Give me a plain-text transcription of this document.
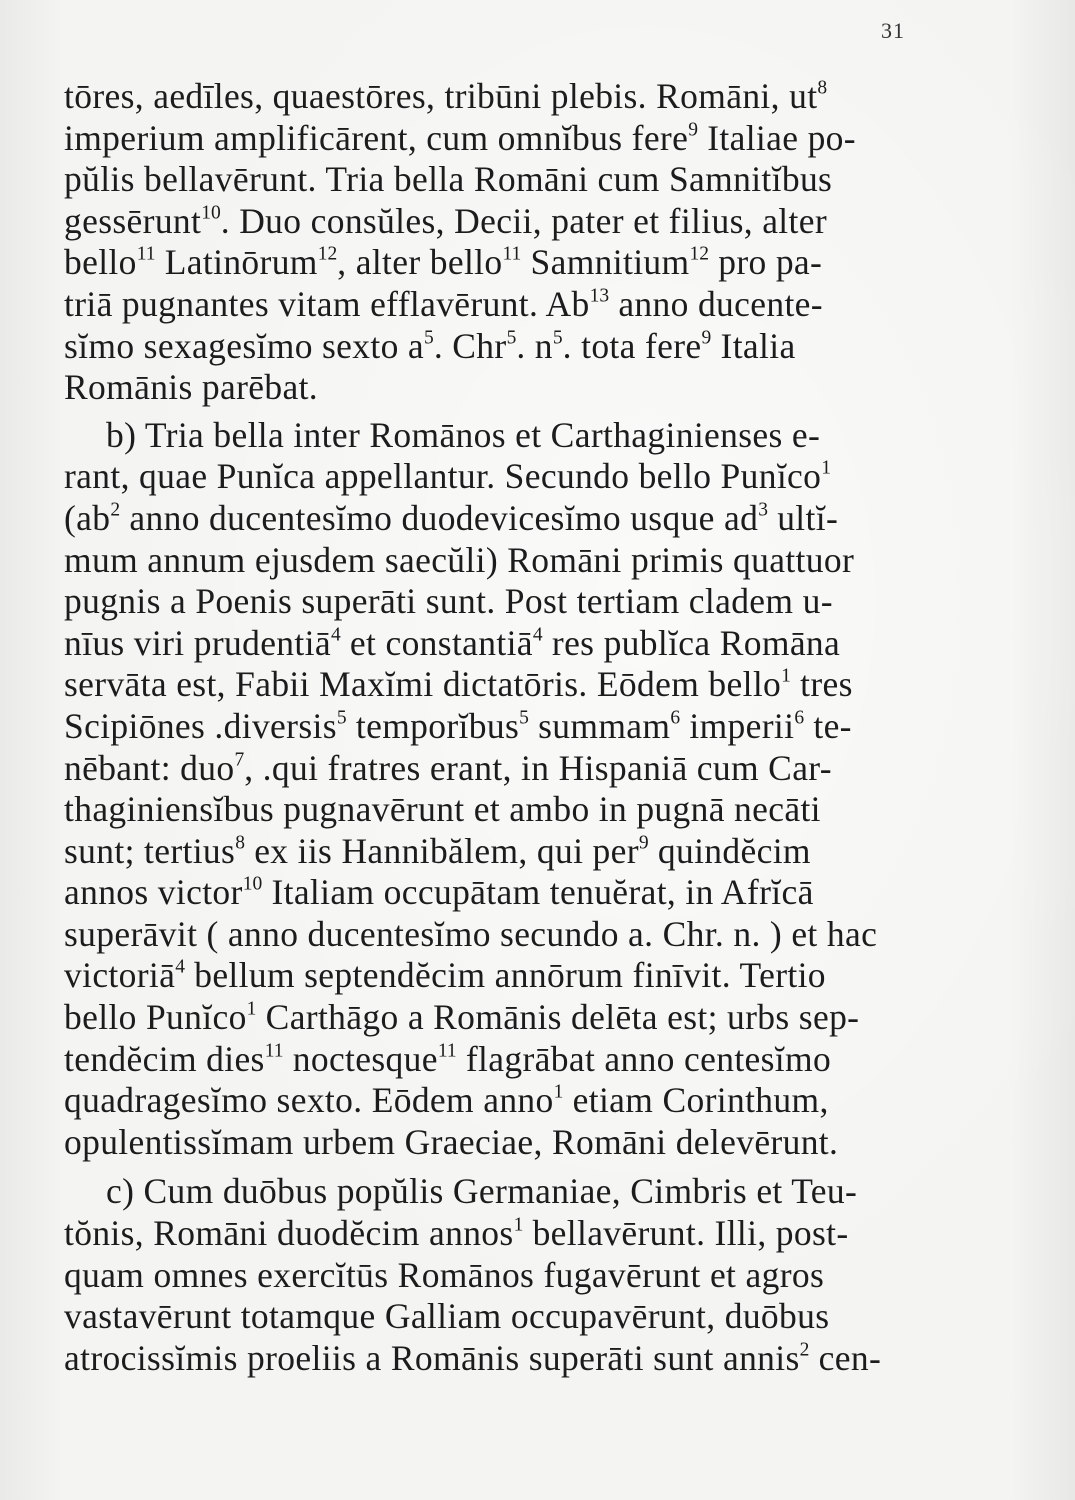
31
tōres, aedīles, quaestōres, tribūni plebis. Romāni, $ut^8$
imperium amplificārent, cum omnĭbus fere$^9$ Italiae po-
pŭlis bellavērunt. Tria bella Romāni cum Samnitĭbus
gessērunt$^{10}$. Duo consŭles, Decii, pater et filius, alter
bello$^{11}$ Latinōrum$^{12}$, alter bello$^{11}$ Samnitium$^{12}$ pro pa-
triā pugnantes vitam efflavērunt. Ab$^{13}$ anno ducente-
sĭmo sexagesĭmo sexto $a^5$. Chr$^5$. $n^5$. tota fere$^9$ Italia
Romānis parēbat.
b) Tria bella inter Romānos et Carthaginienses e-
rant, quae Punĭca appellantur. Secundo bello Punĭco$^1$
($ab^2$ anno ducentesĭmo duodevicesĭmo usque $ad^3$ ultĭ-
mum annum ejusdem saecŭli) Romāni primis quattuor
pugnis a Poenis superāti sunt. Post tertiam cladem u-
nīus viri prudentiā$^4$ et constantiā$^4$ res publĭca Romāna
servāta est, Fabii Maxĭmi dictatōris. Eōdem bello$^1$ tres
Scipiōnes .diversis$^5$ temporĭbus$^5$ summam$^6$ imperii$^6$ te-
nēbant: duo$^7$, .qui fratres erant, in Hispaniā cum Car-
thaginiensĭbus pugnavērunt et ambo in pugnā necāti
sunt; tertius$^8$ ex iis Hannibălem, qui per$^9$ quindĕcim
annos victor$^{10}$ Italiam occupātam tenuĕrat, in Afrĭcā
superāvit ( anno ducentesĭmo secundo a. Chr. n. ) et hac
victoriā$^4$ bellum septendĕcim annōrum finīvit. Tertio
bello Punĭco$^1$ Carthāgo a Romānis delēta est; urbs sep-
tendĕcim dies$^{11}$ noctesque$^{11}$ flagrābat anno centesĭmo
quadragesĭmo sexto. Eōdem anno$^1$ etiam Corinthum,
opulentissĭmam urbem Graeciae, Romāni delevērunt.
c) Cum duōbus popŭlis Germaniae, Cimbris et Teu-
tŏnis, Romāni duodĕcim annos$^1$ bellavērunt. Illi, post-
quam omnes exercĭtūs Romānos fugavērunt et agros
vastavērunt totamque Galliam occupavērunt, duōbus
atrocissĭmis proeliis a Romānis superāti sunt annis$^2$ cen-
